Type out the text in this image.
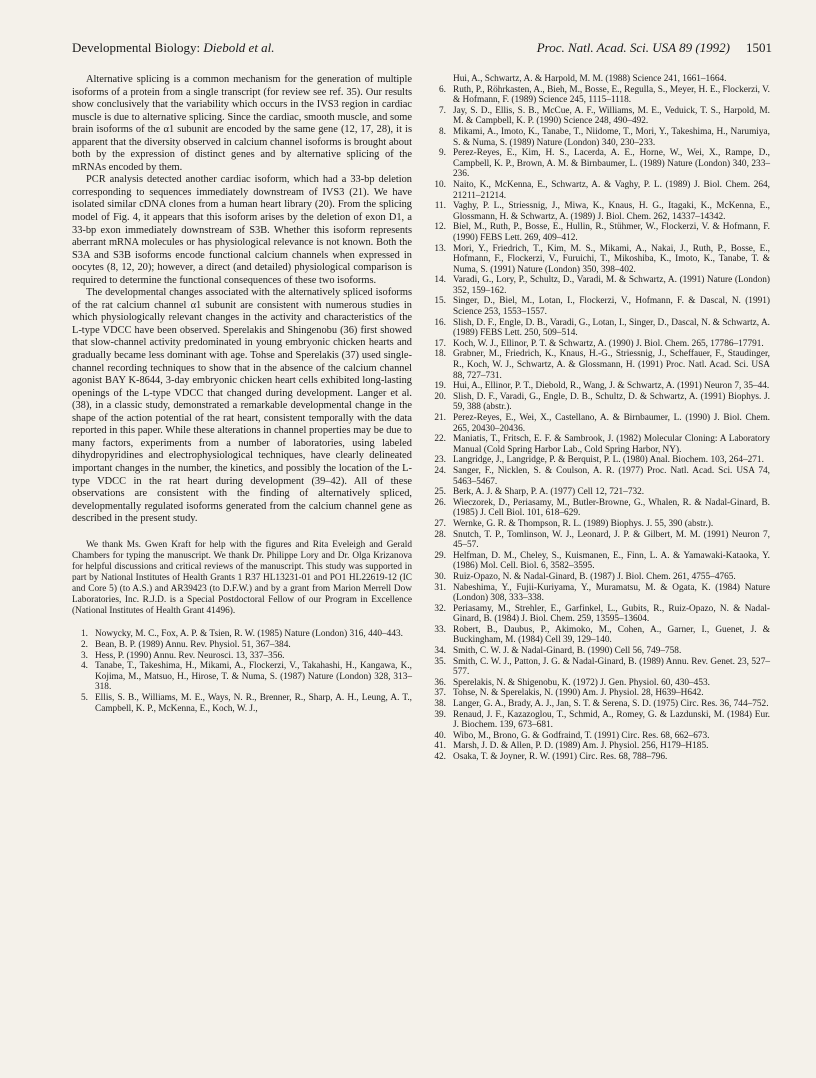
Developmental Biology: Diebold et al.	Proc. Natl. Acad. Sci. USA 89 (1992) 1501

Alternative splicing is a common mechanism for the generation of multiple isoforms of a protein from a single transcript (for review see ref. 35). Our results show conclusively that the variability which occurs in the IVS3 region in cardiac muscle is due to alternative splicing. Since the cardiac, smooth muscle, and some brain isoforms of the α1 subunit are encoded by the same gene (12, 17, 28), it is apparent that the diversity observed in calcium channel isoforms is brought about both by the expression of distinct genes and by alternative splicing of the mRNAs encoded by them.

PCR analysis detected another cardiac isoform, which had a 33-bp deletion corresponding to sequences immediately downstream of IVS3 (21). We have isolated similar cDNA clones from a human heart library (20). From the splicing model of Fig. 4, it appears that this isoform arises by the deletion of exon D1, a 33-bp exon immediately downstream of S3B. Whether this isoform represents aberrant mRNA molecules or has physiological relevance is not known. Both the S3A and S3B isoforms encode functional calcium channels when expressed in oocytes (8, 12, 20); however, a direct (and detailed) physiological comparison is required to determine the functional consequences of these two isoforms.

The developmental changes associated with the alternatively spliced isoforms of the rat calcium channel α1 subunit are consistent with numerous studies in which physiologically relevant changes in the activity and characteristics of the L-type VDCC have been observed. Sperelakis and Shingenobu (36) first showed that slow-channel activity predominated in young embryonic chicken hearts and gradually became less dominant with age. Tohse and Sperelakis (37) used single-channel recording techniques to show that in the absence of the calcium channel agonist BAY K-8644, 3-day embryonic chicken heart cells exhibited long-lasting openings of the L-type VDCC that changed during development. Langer et al. (38), in a classic study, demonstrated a remarkable developmental change in the shape of the action potential of the rat heart, consistent temporally with the data reported in this paper. While these alterations in channel properties may be due to many factors, experiments from a number of laboratories, using labeled dihydropyridines and electrophysiological techniques, have clearly delineated important changes in the number, the kinetics, and possibly the location of the L-type VDCC in the rat heart during development (39–42). All of these observations are consistent with the finding of alternatively spliced, developmentally regulated isoforms generated from the calcium channel gene as described in the present study.

We thank Ms. Gwen Kraft for help with the figures and Rita Eveleigh and Gerald Chambers for typing the manuscript. We thank Dr. Philippe Lory and Dr. Olga Krizanova for helpful discussions and critical reviews of the manuscript. This study was supported in part by National Institutes of Health Grants 1 R37 HL13231-01 and PO1 HL22619-12 (IC and Core 5) (to A.S.) and AR39423 (to D.F.W.) and by a grant from Marion Merrell Dow Laboratories, Inc. R.J.D. is a Special Postdoctoral Fellow of our Program in Excellence (National Institutes of Health Grant 41496).

1. Nowycky, M. C., Fox, A. P. & Tsien, R. W. (1985) Nature (London) 316, 440–443.
2. Bean, B. P. (1989) Annu. Rev. Physiol. 51, 367–384.
3. Hess, P. (1990) Annu. Rev. Neurosci. 13, 337–356.
4. Tanabe, T., Takeshima, H., Mikami, A., Flockerzi, V., Takahashi, H., Kangawa, K., Kojima, M., Matsuo, H., Hirose, T. & Numa, S. (1987) Nature (London) 328, 313–318.
5. Ellis, S. B., Williams, M. E., Ways, N. R., Brenner, R., Sharp, A. H., Leung, A. T., Campbell, K. P., McKenna, E., Koch, W. J.,
Hui, A., Schwartz, A. & Harpold, M. M. (1988) Science 241, 1661–1664.
6. Ruth, P., Röhrkasten, A., Bieh, M., Bosse, E., Regulla, S., Meyer, H. E., Flockerzi, V. & Hofmann, F. (1989) Science 245, 1115–1118.
7. Jay, S. D., Ellis, S. B., McCue, A. F., Williams, M. E., Veduick, T. S., Harpold, M. M. & Campbell, K. P. (1990) Science 248, 490–492.
8. Mikami, A., Imoto, K., Tanabe, T., Niidome, T., Mori, Y., Takeshima, H., Narumiya, S. & Numa, S. (1989) Nature (London) 340, 230–233.
9. Perez-Reyes, E., Kim, H. S., Lacerda, A. E., Horne, W., Wei, X., Rampe, D., Campbell, K. P., Brown, A. M. & Birnbaumer, L. (1989) Nature (London) 340, 233–236.
10. Naito, K., McKenna, E., Schwartz, A. & Vaghy, P. L. (1989) J. Biol. Chem. 264, 21211–21214.
11. Vaghy, P. L., Striessnig, J., Miwa, K., Knaus, H. G., Itagaki, K., McKenna, E., Glossmann, H. & Schwartz, A. (1989) J. Biol. Chem. 262, 14337–14342.
12. Biel, M., Ruth, P., Bosse, E., Hullin, R., Stühmer, W., Flockerzi, V. & Hofmann, F. (1990) FEBS Lett. 269, 409–412.
13. Mori, Y., Friedrich, T., Kim, M. S., Mikami, A., Nakai, J., Ruth, P., Bosse, E., Hofmann, F., Flockerzi, V., Furuichi, T., Mikoshiba, K., Imoto, K., Tanabe, T. & Numa, S. (1991) Nature (London) 350, 398–402.
14. Varadi, G., Lory, P., Schultz, D., Varadi, M. & Schwartz, A. (1991) Nature (London) 352, 159–162.
15. Singer, D., Biel, M., Lotan, I., Flockerzi, V., Hofmann, F. & Dascal, N. (1991) Science 253, 1553–1557.
16. Slish, D. F., Engle, D. B., Varadi, G., Lotan, I., Singer, D., Dascal, N. & Schwartz, A. (1989) FEBS Lett. 250, 509–514.
17. Koch, W. J., Ellinor, P. T. & Schwartz, A. (1990) J. Biol. Chem. 265, 17786–17791.
18. Grabner, M., Friedrich, K., Knaus, H.-G., Striessnig, J., Scheffauer, F., Staudinger, R., Koch, W. J., Schwartz, A. & Glossmann, H. (1991) Proc. Natl. Acad. Sci. USA 88, 727–731.
19. Hui, A., Ellinor, P. T., Diebold, R., Wang, J. & Schwartz, A. (1991) Neuron 7, 35–44.
20. Slish, D. F., Varadi, G., Engle, D. B., Schultz, D. & Schwartz, A. (1991) Biophys. J. 59, 388 (abstr.).
21. Perez-Reyes, E., Wei, X., Castellano, A. & Birnbaumer, L. (1990) J. Biol. Chem. 265, 20430–20436.
22. Maniatis, T., Fritsch, E. F. & Sambrook, J. (1982) Molecular Cloning: A Laboratory Manual (Cold Spring Harbor Lab., Cold Spring Harbor, NY).
23. Langridge, J., Langridge, P. & Berquist, P. L. (1980) Anal. Biochem. 103, 264–271.
24. Sanger, F., Nicklen, S. & Coulson, A. R. (1977) Proc. Natl. Acad. Sci. USA 74, 5463–5467.
25. Berk, A. J. & Sharp, P. A. (1977) Cell 12, 721–732.
26. Wieczorek, D., Periasamy, M., Butler-Browne, G., Whalen, R. & Nadal-Ginard, B. (1985) J. Cell Biol. 101, 618–629.
27. Wernke, G. R. & Thompson, R. L. (1989) Biophys. J. 55, 390 (abstr.).
28. Snutch, T. P., Tomlinson, W. J., Leonard, J. P. & Gilbert, M. M. (1991) Neuron 7, 45–57.
29. Helfman, D. M., Cheley, S., Kuismanen, E., Finn, L. A. & Yamawaki-Kataoka, Y. (1986) Mol. Cell. Biol. 6, 3582–3595.
30. Ruiz-Opazo, N. & Nadal-Ginard, B. (1987) J. Biol. Chem. 261, 4755–4765.
31. Nabeshima, Y., Fujii-Kuriyama, Y., Muramatsu, M. & Ogata, K. (1984) Nature (London) 308, 333–338.
32. Periasamy, M., Strehler, E., Garfinkel, L., Gubits, R., Ruiz-Opazo, N. & Nadal-Ginard, B. (1984) J. Biol. Chem. 259, 13595–13604.
33. Robert, B., Daubus, P., Akimoko, M., Cohen, A., Garner, I., Guenet, J. & Buckingham, M. (1984) Cell 39, 129–140.
34. Smith, C. W. J. & Nadal-Ginard, B. (1990) Cell 56, 749–758.
35. Smith, C. W. J., Patton, J. G. & Nadal-Ginard, B. (1989) Annu. Rev. Genet. 23, 527–577.
36. Sperelakis, N. & Shigenobu, K. (1972) J. Gen. Physiol. 60, 430–453.
37. Tohse, N. & Sperelakis, N. (1990) Am. J. Physiol. 28, H639–H642.
38. Langer, G. A., Brady, A. J., Jan, S. T. & Serena, S. D. (1975) Circ. Res. 36, 744–752.
39. Renaud, J. F., Kazazoglou, T., Schmid, A., Romey, G. & Lazdunski, M. (1984) Eur. J. Biochem. 139, 673–681.
40. Wibo, M., Brono, G. & Godfraind, T. (1991) Circ. Res. 68, 662–673.
41. Marsh, J. D. & Allen, P. D. (1989) Am. J. Physiol. 256, H179–H185.
42. Osaka, T. & Joyner, R. W. (1991) Circ. Res. 68, 788–796.
